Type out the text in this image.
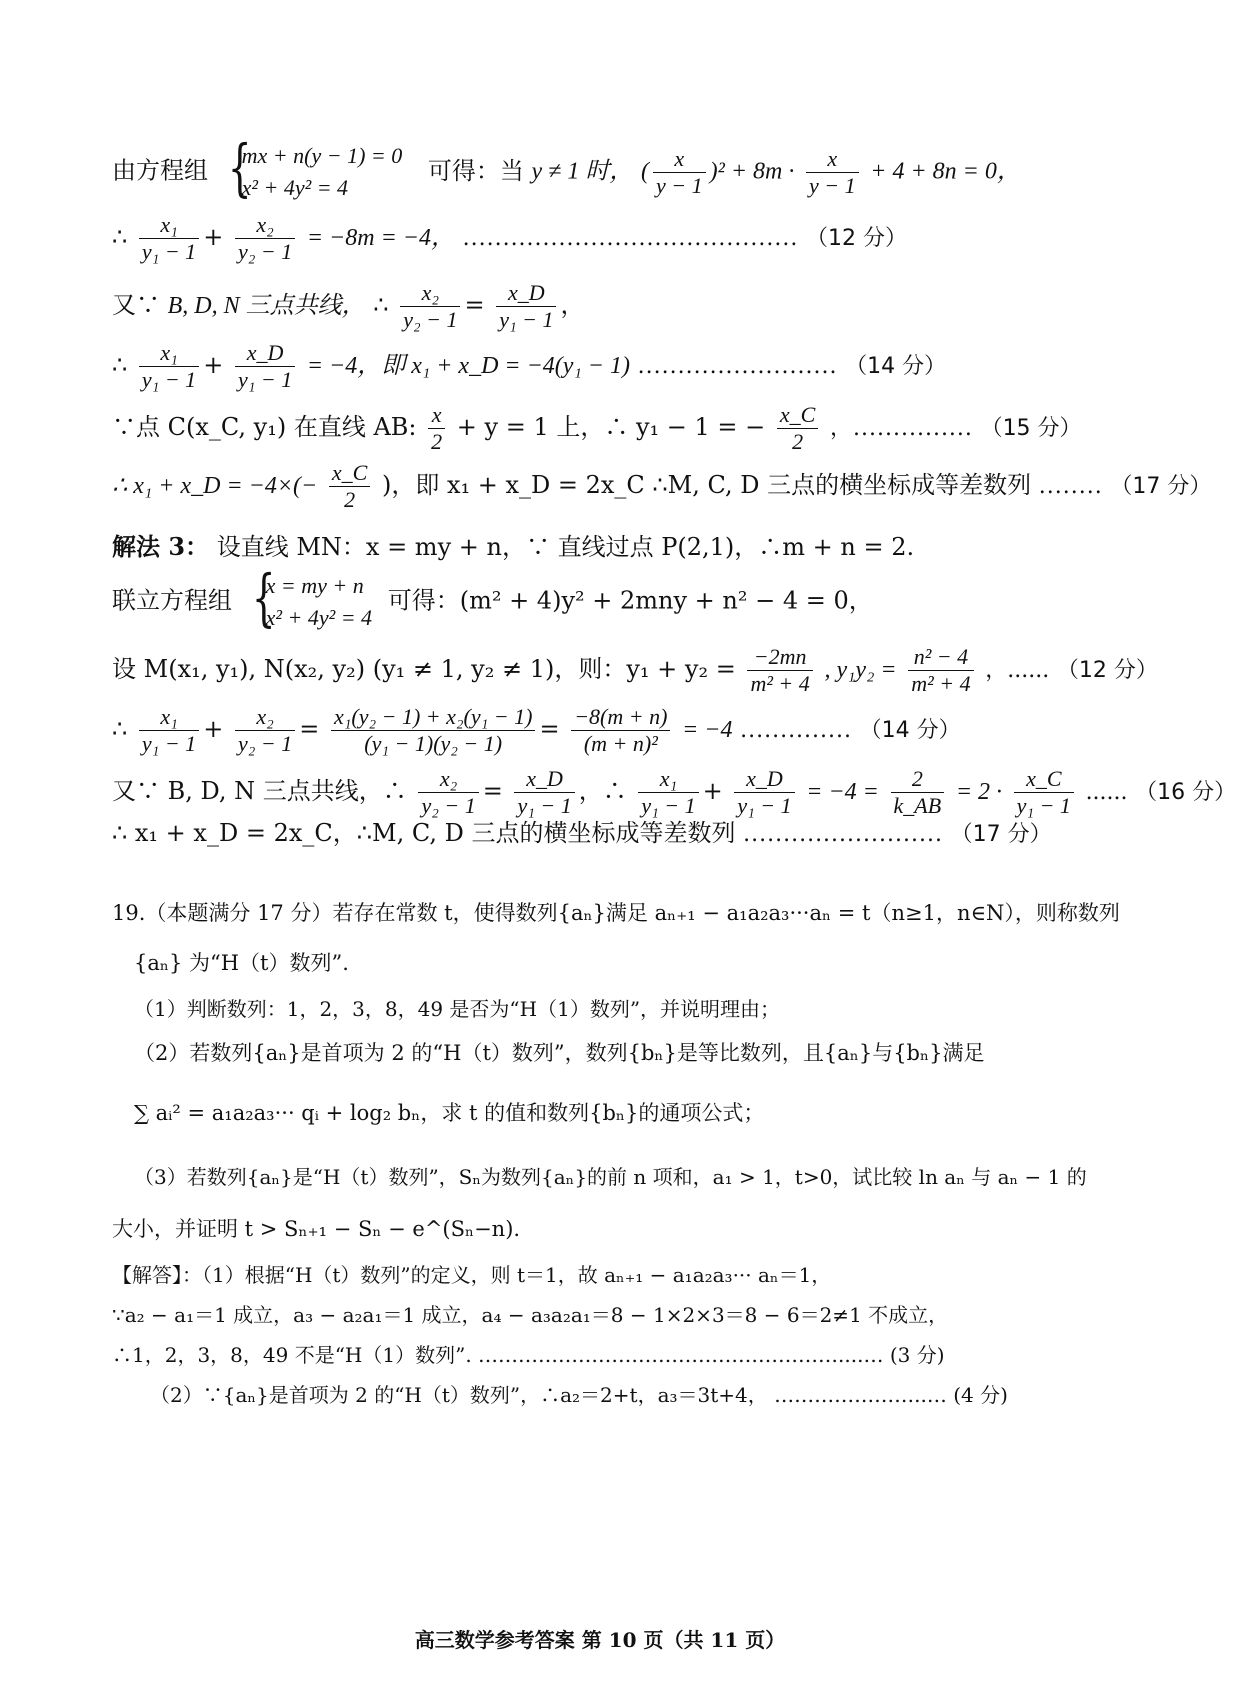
由方程组
{ mx + n(y − 1) = 0
x² + 4y² = 4
可得：当 y ≠ 1 时， ( $\frac{x}{y - 1} )^2 + 8m \cdot \frac{x}{y - 1} + 4 + 8n = 0$，
∴ $\frac{\text{x₁}}{\text{y₁ − 1}} + \frac{\text{x₂}}{\text{y₂ − 1}} = -8m = -4$， .......................................... （12 分）
又∵ B, D, N 三点共线， ∴ $\frac{\text{x₂}}{\text{y₂ − 1}} = \frac{x\_D}{\text{y₁ − 1}}$ ，
∴ $\frac{\text{x₁}}{\text{y₁ − 1}} + \frac{x\_D}{\text{y₁ − 1}} = -4$，即 x₁ + x_D = −4(y₁ − 1) ......................... （14 分）
∵点 C(x_C, y₁) 在直线 AB: $\frac{x}{2} + y = 1$ 上，∴ y₁ − 1 = − $\frac{x\_C}{2}$ ，............... （15 分）
∴ x₁ + x_D = $-4\times(- \frac{x\_C}{2}$ )，即 x₁ + x_D = 2x_C ∴M, C, D 三点的横坐标成等差数列 ........ （17 分）
解法 3： 设直线 MN：x = my + n，∵ 直线过点 P(2,1)，∴m + n = 2.
联立方程组
{ x = my + n
x² + 4y² = 4
可得：(m² + 4)y² + 2mny + n² − 4 = 0，
设 M(x₁, y₁), N(x₂, y₂) (y₁ ≠ 1, y₂ ≠ 1)，则：$y_1 + y_2 = \frac{-2mn}{\text{m² + 4}}$ , $y_1y_2 = \frac{\text{n² − 4}}{\text{m² + 4}}$ ，...... （12 分）
∴ $\frac{\text{x₁}}{\text{y₁ − 1}} + \frac{\text{x₂}}{\text{y₂ − 1}} = \frac{\text{x₁(y₂ − 1) + x₂(y₁ − 1)}}{\text{(y₁ − 1)(y₂ − 1)}} = \frac{-8(m + n)}{\text{(m + n)²}} = -4$ .............. （14 分）
又∵ B, D, N 三点共线，∴ $\frac{\text{x₂}}{\text{y₂ − 1}} = \frac{x\_D}{\text{y₁ − 1}}$ ，∴ $\frac{\text{x₁}}{\text{y₁ − 1}} + \frac{x\_D}{\text{y₁ − 1}} = -4 = \frac{2}{k\_AB} = 2 \cdot \frac{x\_C}{\text{y₁ − 1}}$ ...... （16 分）
∴ x₁ + x_D = 2x_C，∴M, C, D 三点的横坐标成等差数列 ......................... （17 分）
19.（本题满分 17 分）若存在常数 t，使得数列{aₙ}满足 aₙ₊₁ − a₁a₂a₃···aₙ = t（n≥1，n∈N），则称数列
{aₙ} 为“H（t）数列”.
（1）判断数列：1，2，3，8，49 是否为“H（1）数列”，并说明理由；
（2）若数列{aₙ}是首项为 2 的“H（t）数列”，数列{bₙ}是等比数列，且{aₙ}与{bₙ}满足
∑ aᵢ² = a₁a₂a₃··· qᵢ + log₂ bₙ，求 t 的值和数列{bₙ}的通项公式；
（3）若数列{aₙ}是“H（t）数列”，Sₙ为数列{aₙ}的前 n 项和，a₁ > 1，t>0，试比较 ln aₙ 与 aₙ − 1 的
大小，并证明 t > Sₙ₊₁ − Sₙ − e^(Sₙ−n).
【解答】：（1）根据“H（t）数列”的定义，则 t＝1，故 aₙ₊₁ − a₁a₂a₃··· aₙ＝1，
∵a₂ − a₁＝1 成立，a₃ − a₂a₁＝1 成立，a₄ − a₃a₂a₁＝8 − 1×2×3＝8 − 6＝2≠1 不成立，
∴1，2，3，8，49 不是“H（1）数列”. ………………………………………………....… (3 分)
（2）∵{aₙ}是首项为 2 的“H（t）数列”，∴a₂＝2+t，a₃＝3t+4， …………………..… (4 分)
高三数学参考答案 第 10 页（共 11 页）
